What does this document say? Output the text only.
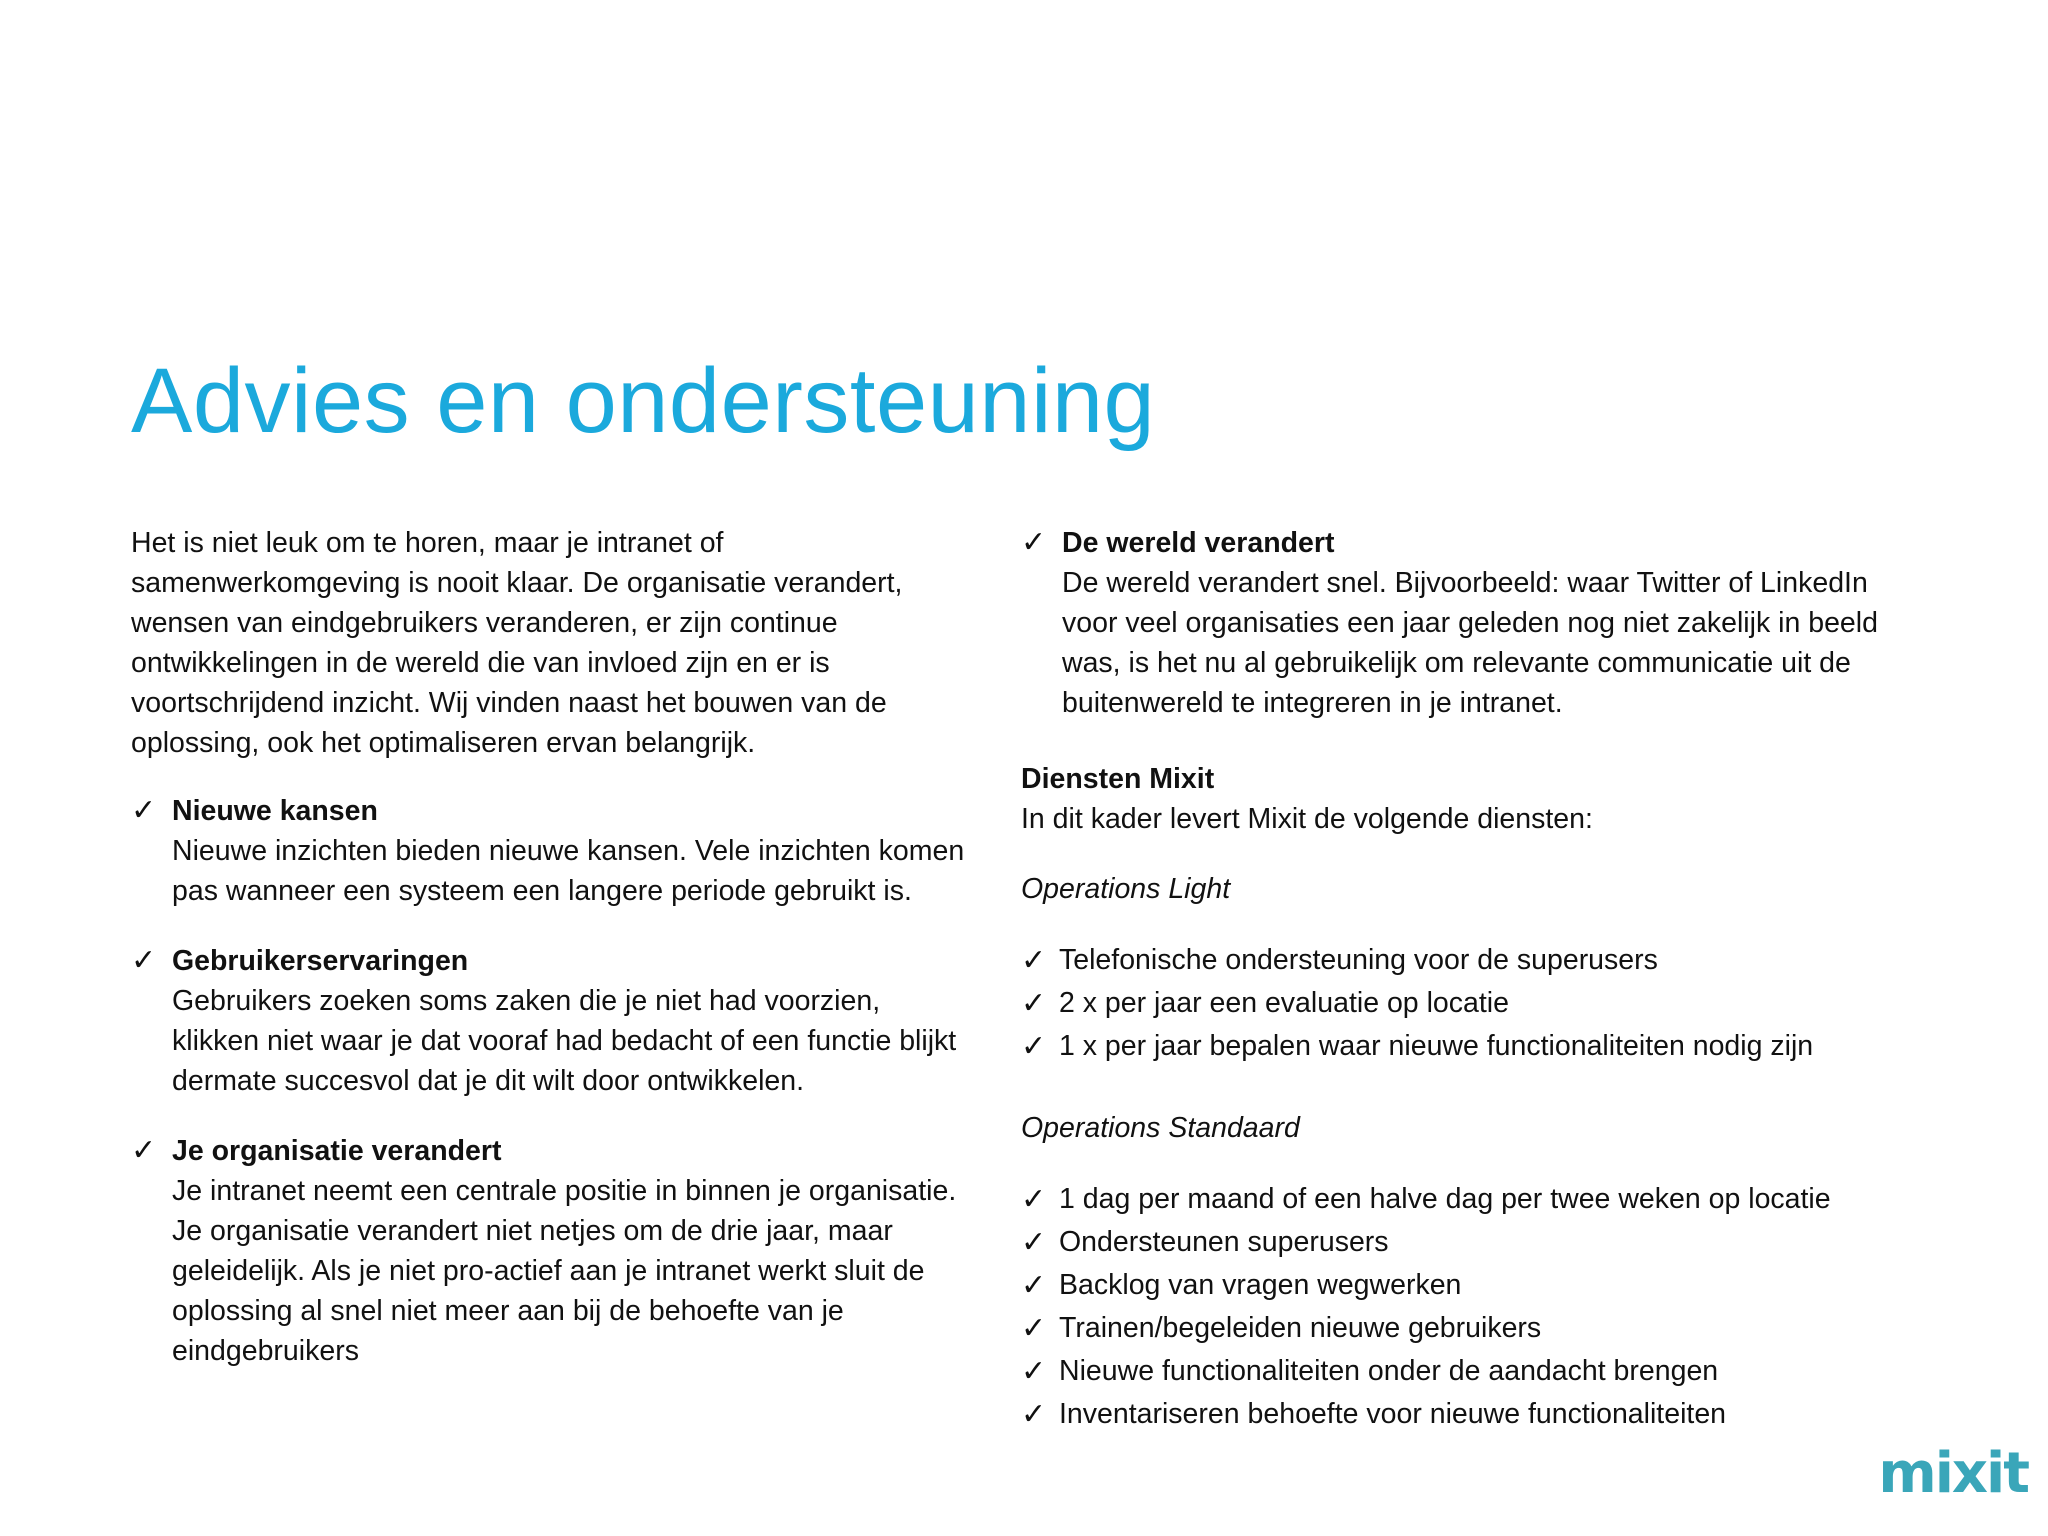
Advies en ondersteuning

Het is niet leuk om te horen, maar je intranet of samenwerkomgeving is nooit klaar. De organisatie verandert, wensen van eindgebruikers veranderen, er zijn continue ontwikkelingen in de wereld die van invloed zijn en er is voortschrijdend inzicht. Wij vinden naast het bouwen van de oplossing, ook het optimaliseren ervan belangrijk.

✓ Nieuwe kansen
Nieuwe inzichten bieden nieuwe kansen. Vele inzichten komen pas wanneer een systeem een langere periode gebruikt is.
✓ Gebruikerservaringen
Gebruikers zoeken soms zaken die je niet had voorzien, klikken niet waar je dat vooraf had bedacht of een functie blijkt dermate succesvol dat je dit wilt door ontwikkelen.
✓ Je organisatie verandert
Je intranet neemt een centrale positie in binnen je organisatie. Je organisatie verandert niet netjes om de drie jaar, maar geleidelijk. Als je niet pro-actief aan je intranet werkt sluit de oplossing al snel niet meer aan bij de behoefte van je eindgebruikers
✓ De wereld verandert
De wereld verandert snel. Bijvoorbeeld: waar Twitter of LinkedIn voor veel organisaties een jaar geleden nog niet zakelijk in beeld was, is het nu al gebruikelijk om relevante communicatie uit de buitenwereld te integreren in je intranet.
Diensten Mixit
In dit kader levert Mixit de volgende diensten:
Operations Light
✓ Telefonische ondersteuning voor de superusers
✓ 2 x per jaar een evaluatie op locatie
✓ 1 x per jaar bepalen waar nieuwe functionaliteiten nodig zijn
Operations Standaard
✓ 1 dag per maand of een halve dag per twee weken op locatie
✓ Ondersteunen superusers
✓ Backlog van vragen wegwerken
✓ Trainen/begeleiden nieuwe gebruikers
✓ Nieuwe functionaliteiten onder de aandacht brengen
✓ Inventariseren behoefte voor nieuwe functionaliteiten
mixit
